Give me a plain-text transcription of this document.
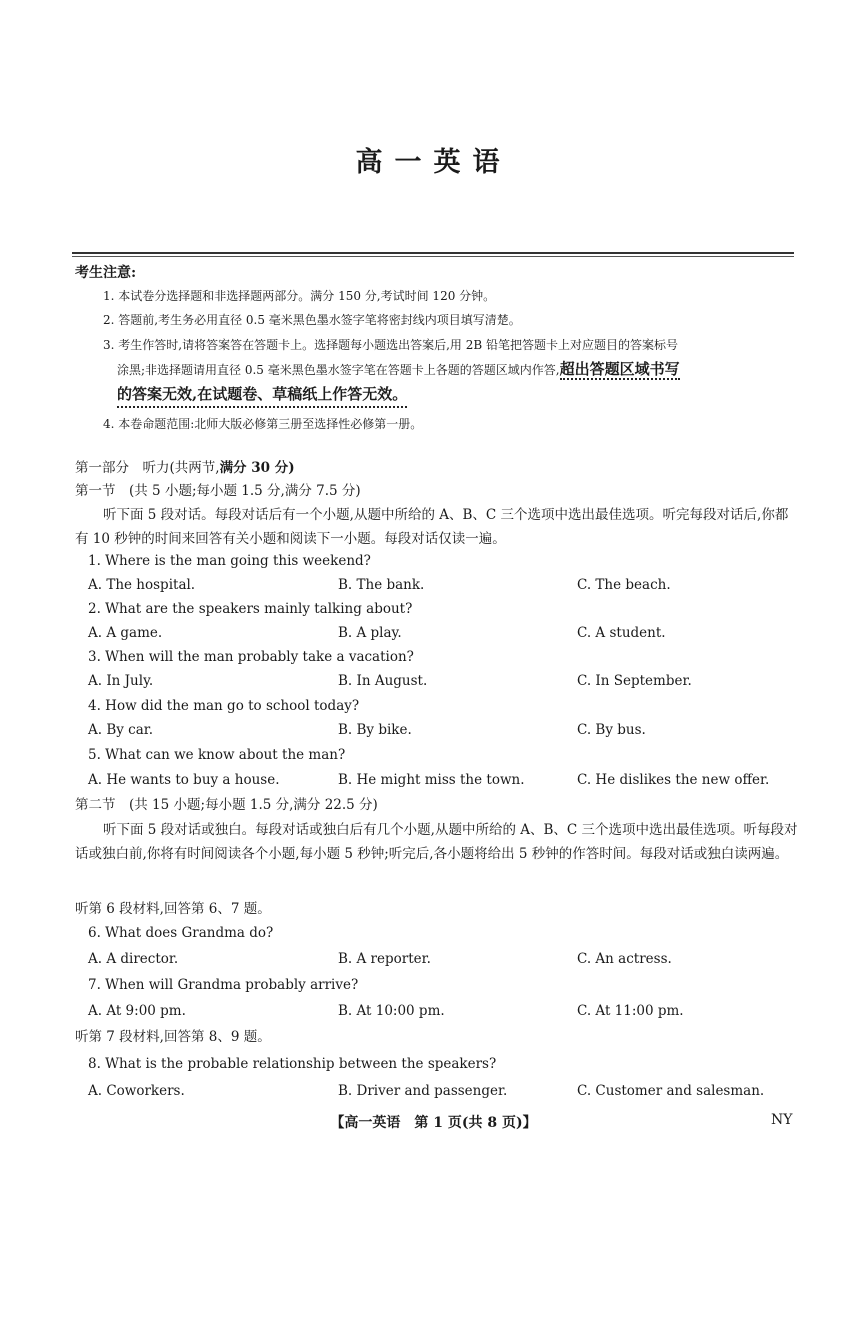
高一英语
考生注意:
1. 本试卷分选择题和非选择题两部分。满分 150 分,考试时间 120 分钟。
2. 答题前,考生务必用直径 0.5 毫米黑色墨水签字笔将密封线内项目填写清楚。
3. 考生作答时,请将答案答在答题卡上。选择题每小题选出答案后,用 2B 铅笔把答题卡上对应题目的答案标号
涂黑;非选择题请用直径 0.5 毫米黑色墨水签字笔在答题卡上各题的答题区域内作答,超出答题区域书写
的答案无效,在试题卷、草稿纸上作答无效。
4. 本卷命题范围:北师大版必修第三册至选择性必修第一册。
第一部分　听力(共两节,满分 30 分)
第一节　(共 5 小题;每小题 1.5 分,满分 7.5 分)
听下面 5 段对话。每段对话后有一个小题,从题中所给的 A、B、C 三个选项中选出最佳选项。听完每段对话后,你都有 10 秒钟的时间来回答有关小题和阅读下一小题。每段对话仅读一遍。
1. Where is the man going this weekend?
A. The hospital.	B. The bank.	C. The beach.
2. What are the speakers mainly talking about?
A. A game.	B. A play.	C. A student.
3. When will the man probably take a vacation?
A. In July.	B. In August.	C. In September.
4. How did the man go to school today?
A. By car.	B. By bike.	C. By bus.
5. What can we know about the man?
A. He wants to buy a house.	B. He might miss the town.	C. He dislikes the new offer.
第二节　(共 15 小题;每小题 1.5 分,满分 22.5 分)
听下面 5 段对话或独白。每段对话或独白后有几个小题,从题中所给的 A、B、C 三个选项中选出最佳选项。听每段对话或独白前,你将有时间阅读各个小题,每小题 5 秒钟;听完后,各小题将给出 5 秒钟的作答时间。每段对话或独白读两遍。
听第 6 段材料,回答第 6、7 题。
6. What does Grandma do?
A. A director.	B. A reporter.	C. An actress.
7. When will Grandma probably arrive?
A. At 9:00 pm.	B. At 10:00 pm.	C. At 11:00 pm.
听第 7 段材料,回答第 8、9 题。
8. What is the probable relationship between the speakers?
A. Coworkers.	B. Driver and passenger.	C. Customer and salesman.
【高一英语　第 1 页(共 8 页)】	NY
